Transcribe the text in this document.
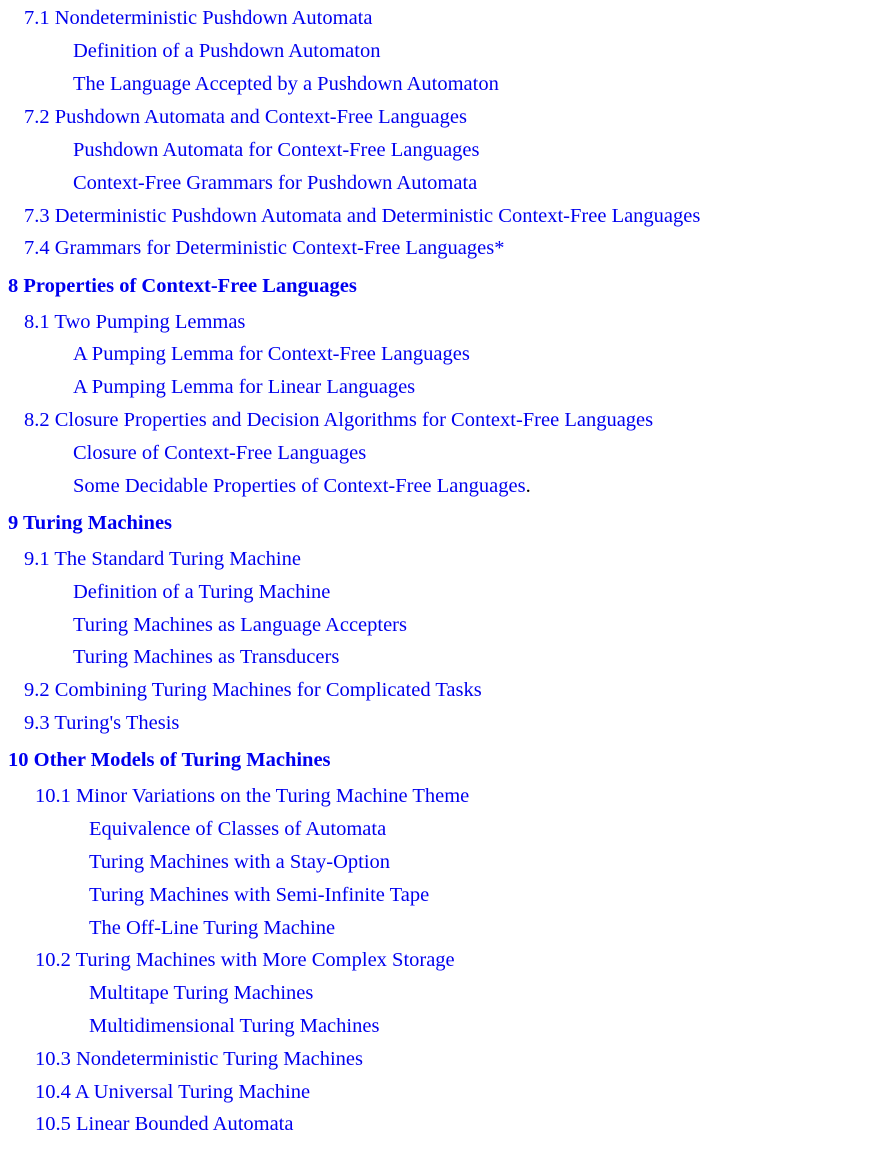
7.1 Nondeterministic Pushdown Automata
Definition of a Pushdown Automaton
The Language Accepted by a Pushdown Automaton
7.2 Pushdown Automata and Context-Free Languages
Pushdown Automata for Context-Free Languages
Context-Free Grammars for Pushdown Automata
7.3 Deterministic Pushdown Automata and Deterministic Context-Free Languages
7.4 Grammars for Deterministic Context-Free Languages*
8 Properties of Context-Free Languages
8.1 Two Pumping Lemmas
A Pumping Lemma for Context-Free Languages
A Pumping Lemma for Linear Languages
8.2 Closure Properties and Decision Algorithms for Context-Free Languages
Closure of Context-Free Languages
Some Decidable Properties of Context-Free Languages.
9 Turing Machines
9.1 The Standard Turing Machine
Definition of a Turing Machine
Turing Machines as Language Accepters
Turing Machines as Transducers
9.2 Combining Turing Machines for Complicated Tasks
9.3 Turing's Thesis
10 Other Models of Turing Machines
10.1 Minor Variations on the Turing Machine Theme
Equivalence of Classes of Automata
Turing Machines with a Stay-Option
Turing Machines with Semi-Infinite Tape
The Off-Line Turing Machine
10.2 Turing Machines with More Complex Storage
Multitape Turing Machines
Multidimensional Turing Machines
10.3 Nondeterministic Turing Machines
10.4 A Universal Turing Machine
10.5 Linear Bounded Automata
